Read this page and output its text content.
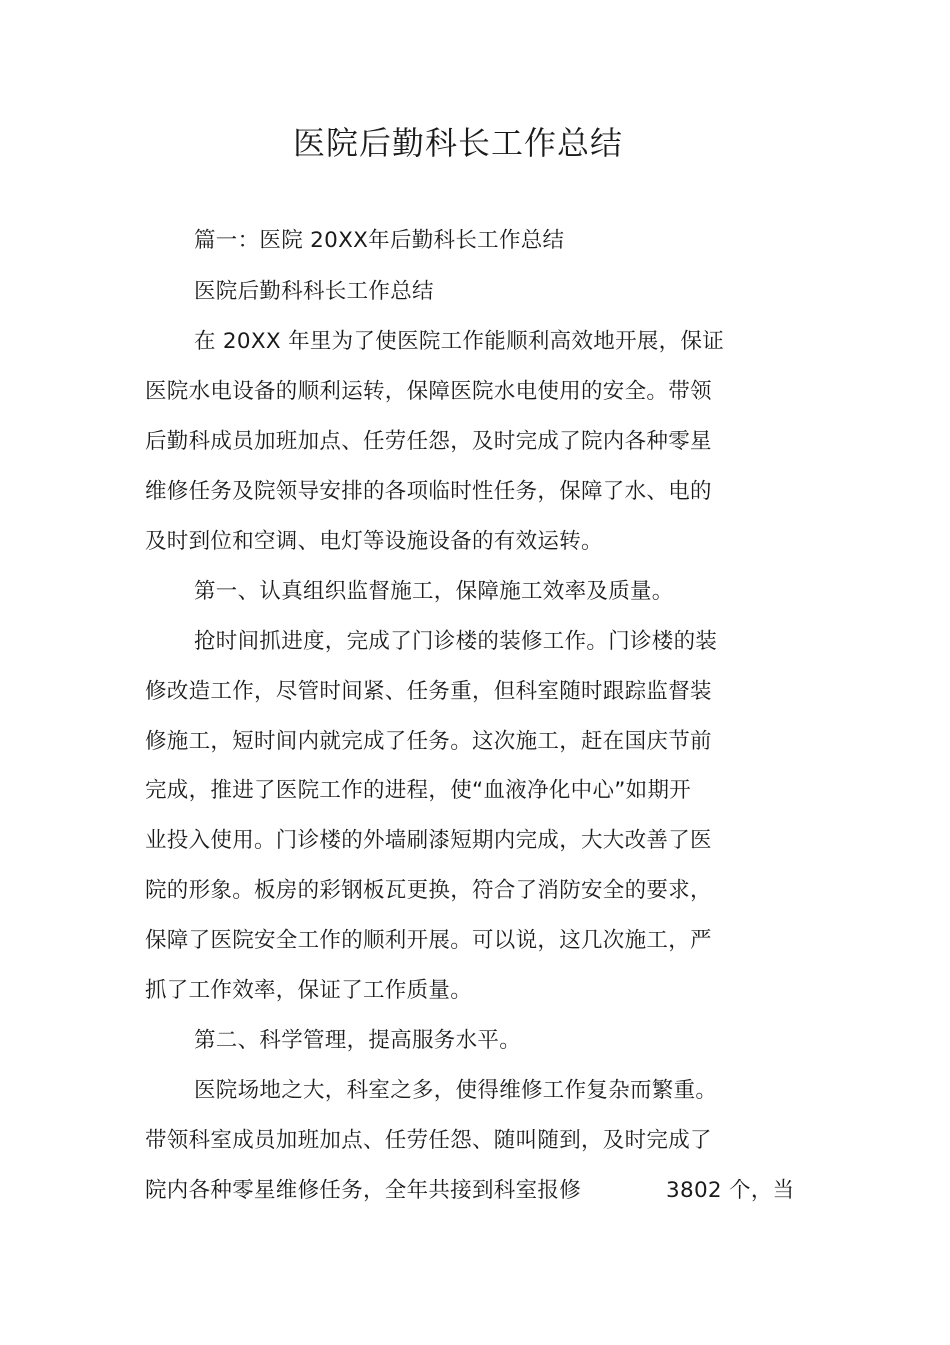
医院后勤科长工作总结
篇一：医院 20XX年后勤科长工作总结
医院后勤科科长工作总结
在 20XX 年里为了使医院工作能顺利高效地开展，保证
医院水电设备的顺利运转，保障医院水电使用的安全。带领
后勤科成员加班加点、任劳任怨，及时完成了院内各种零星
维修任务及院领导安排的各项临时性任务，保障了水、电的
及时到位和空调、电灯等设施设备的有效运转。
第一、认真组织监督施工，保障施工效率及质量。
抢时间抓进度，完成了门诊楼的装修工作。门诊楼的装
修改造工作，尽管时间紧、任务重，但科室随时跟踪监督装
修施工，短时间内就完成了任务。这次施工，赶在国庆节前
完成，推进了医院工作的进程，使“血液净化中心”如期开
业投入使用。门诊楼的外墙刷漆短期内完成，大大改善了医
院的形象。板房的彩钢板瓦更换，符合了消防安全的要求，
保障了医院安全工作的顺利开展。可以说，这几次施工，严
抓了工作效率，保证了工作质量。
第二、科学管理，提高服务水平。
医院场地之大，科室之多，使得维修工作复杂而繁重。
带领科室成员加班加点、任劳任怨、随叫随到，及时完成了
院内各种零星维修任务，全年共接到科室报修	3802 个，当
